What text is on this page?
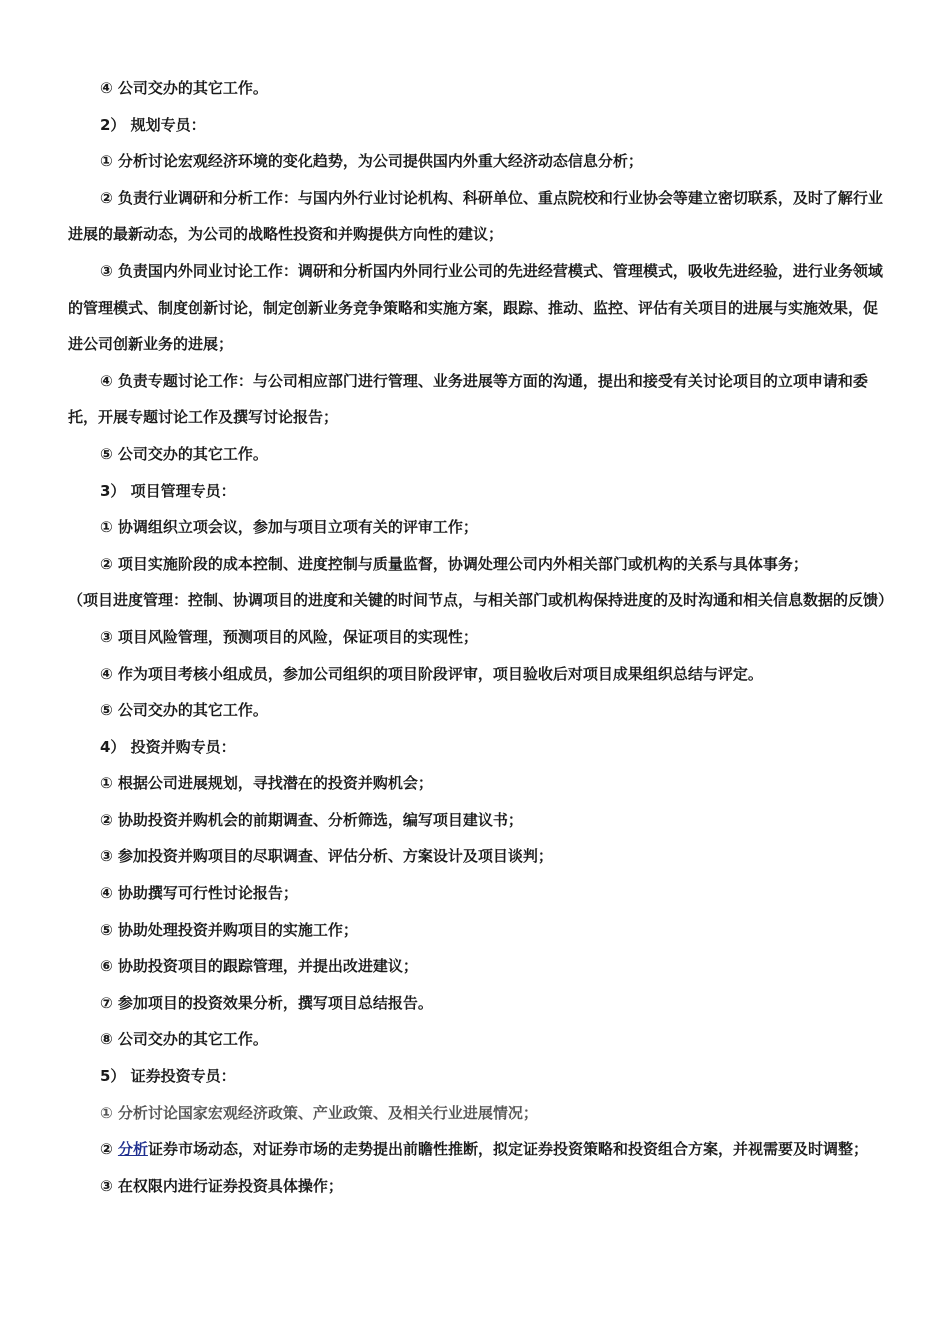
④ 公司交办的其它工作。

2） 规划专员：

① 分析讨论宏观经济环境的变化趋势，为公司提供国内外重大经济动态信息分析；

② 负责行业调研和分析工作：与国内外行业讨论机构、科研单位、重点院校和行业协会等建立密切联系，及时了解行业进展的最新动态，为公司的战略性投资和并购提供方向性的建议；

③ 负责国内外同业讨论工作：调研和分析国内外同行业公司的先进经营模式、管理模式，吸收先进经验，进行业务领域的管理模式、制度创新讨论，制定创新业务竞争策略和实施方案，跟踪、推动、监控、评估有关项目的进展与实施效果，促进公司创新业务的进展；

④ 负责专题讨论工作：与公司相应部门进行管理、业务进展等方面的沟通，提出和接受有关讨论项目的立项申请和委托，开展专题讨论工作及撰写讨论报告；

⑤ 公司交办的其它工作。

3） 项目管理专员：

① 协调组织立项会议，参加与项目立项有关的评审工作；

② 项目实施阶段的成本控制、进度控制与质量监督，协调处理公司内外相关部门或机构的关系与具体事务；

（项目进度管理：控制、协调项目的进度和关键的时间节点，与相关部门或机构保持进度的及时沟通和相关信息数据的反馈）

③ 项目风险管理，预测项目的风险，保证项目的实现性；

④ 作为项目考核小组成员，参加公司组织的项目阶段评审，项目验收后对项目成果组织总结与评定。

⑤ 公司交办的其它工作。

4） 投资并购专员：

① 根据公司进展规划，寻找潜在的投资并购机会；

② 协助投资并购机会的前期调查、分析筛选，编写项目建议书；

③ 参加投资并购项目的尽职调查、评估分析、方案设计及项目谈判；

④ 协助撰写可行性讨论报告；

⑤ 协助处理投资并购项目的实施工作；

⑥ 协助投资项目的跟踪管理，并提出改进建议；

⑦ 参加项目的投资效果分析，撰写项目总结报告。

⑧ 公司交办的其它工作。

5） 证券投资专员：

① 分析讨论国家宏观经济政策、产业政策、及相关行业进展情况；

② 分析证券市场动态，对证券市场的走势提出前瞻性推断，拟定证券投资策略和投资组合方案，并视需要及时调整；

③ 在权限内进行证券投资具体操作；
